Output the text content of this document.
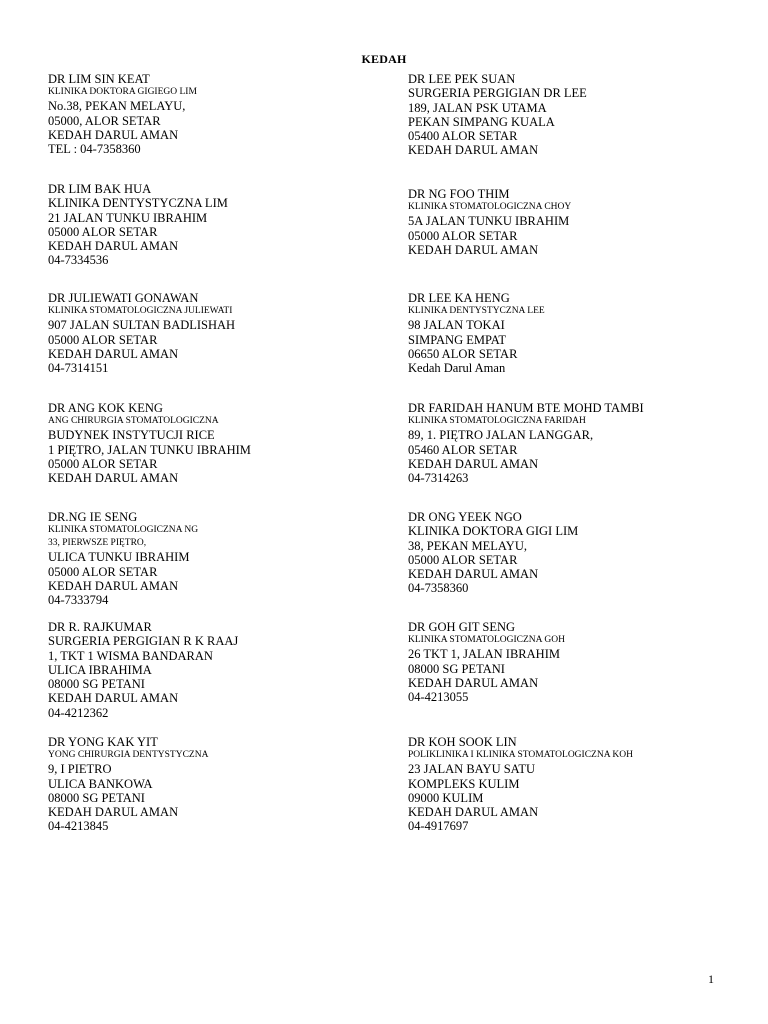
KEDAH
DR LIM SIN KEAT
KLINIKA DOKTORA GIGIEGO LIM
No.38, PEKAN MELAYU,
05000, ALOR SETAR
KEDAH DARUL AMAN
TEL : 04-7358360
DR LIM BAK HUA
KLINIKA DENTYSTYCZNA LIM
21 JALAN TUNKU IBRAHIM
05000 ALOR SETAR
KEDAH DARUL AMAN
04-7334536
DR JULIEWATI GONAWAN
KLINIKA STOMATOLOGICZNA JULIEWATI
907 JALAN SULTAN BADLISHAH
05000 ALOR SETAR
KEDAH DARUL AMAN
04-7314151
DR ANG KOK KENG
ANG CHIRURGIA STOMATOLOGICZNA
BUDYNEK INSTYTUCJI RICE
1 PIĘTRO, JALAN TUNKU IBRAHIM
05000 ALOR SETAR
KEDAH DARUL AMAN
DR.NG IE SENG
KLINIKA STOMATOLOGICZNA NG
33, PIERWSZE PIĘTRO,
ULICA TUNKU IBRAHIM
05000 ALOR SETAR
KEDAH DARUL AMAN
04-7333794
DR R. RAJKUMAR
SURGERIA PERGIGIAN R K RAAJ
1, TKT 1 WISMA BANDARAN
ULICA IBRAHIMA
08000 SG PETANI
KEDAH DARUL AMAN
04-4212362
DR YONG KAK YIT
YONG CHIRURGIA DENTYSTYCZNA
9, I PIETRO
ULICA BANKOWA
08000 SG PETANI
KEDAH DARUL AMAN
04-4213845
DR LEE PEK SUAN
SURGERIA PERGIGIAN DR LEE
189, JALAN PSK UTAMA
PEKAN SIMPANG KUALA
05400 ALOR SETAR
KEDAH DARUL AMAN
DR NG FOO THIM
KLINIKA STOMATOLOGICZNA CHOY
5A JALAN TUNKU IBRAHIM
05000 ALOR SETAR
KEDAH DARUL AMAN
DR LEE KA HENG
KLINIKA DENTYSTYCZNA LEE
98 JALAN TOKAI
SIMPANG EMPAT
06650 ALOR SETAR
Kedah Darul Aman
DR FARIDAH HANUM BTE MOHD TAMBI
KLINIKA STOMATOLOGICZNA FARIDAH
89, 1. PIĘTRO JALAN LANGGAR,
05460 ALOR SETAR
KEDAH DARUL AMAN
04-7314263
DR ONG YEEK NGO
KLINIKA DOKTORA GIGI LIM
38, PEKAN MELAYU,
05000 ALOR SETAR
KEDAH DARUL AMAN
04-7358360
DR GOH GIT SENG
KLINIKA STOMATOLOGICZNA GOH
26 TKT 1, JALAN IBRAHIM
08000 SG PETANI
KEDAH DARUL AMAN
04-4213055
DR KOH SOOK LIN
POLIKLINIKA I KLINIKA STOMATOLOGICZNA KOH
23 JALAN BAYU SATU
KOMPLEKS KULIM
09000 KULIM
KEDAH DARUL AMAN
04-4917697
1
